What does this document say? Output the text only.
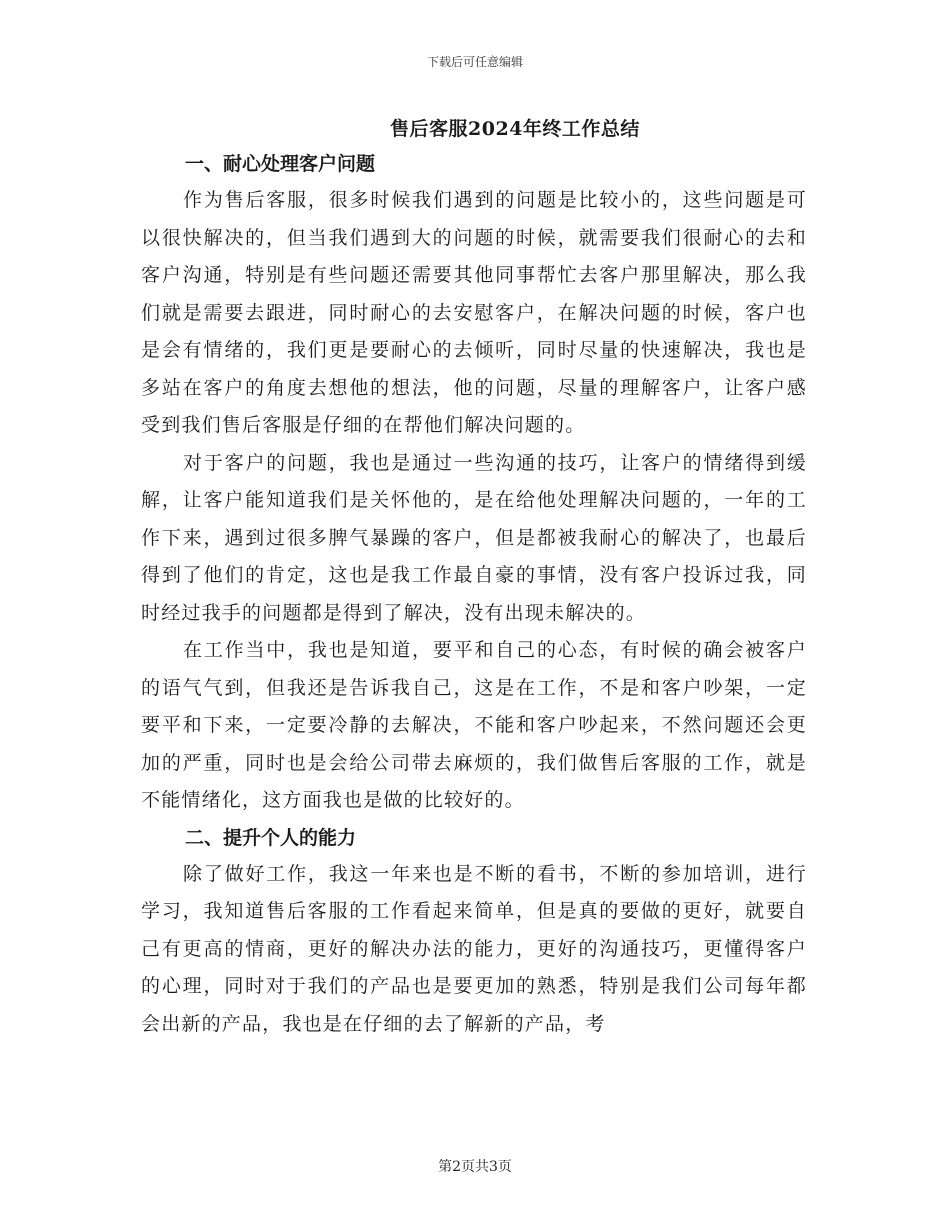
下载后可任意编辑
售后客服2024年终工作总结
一、耐心处理客户问题

作为售后客服，很多时候我们遇到的问题是比较小的，这些问题是可以很快解决的，但当我们遇到大的问题的时候，就需要我们很耐心的去和客户沟通，特别是有些问题还需要其他同事帮忙去客户那里解决，那么我们就是需要去跟进，同时耐心的去安慰客户，在解决问题的时候，客户也是会有情绪的，我们更是要耐心的去倾听，同时尽量的快速解决，我也是多站在客户的角度去想他的想法，他的问题，尽量的理解客户，让客户感受到我们售后客服是仔细的在帮他们解决问题的。

对于客户的问题，我也是通过一些沟通的技巧，让客户的情绪得到缓解，让客户能知道我们是关怀他的，是在给他处理解决问题的，一年的工作下来，遇到过很多脾气暴躁的客户，但是都被我耐心的解决了，也最后得到了他们的肯定，这也是我工作最自豪的事情，没有客户投诉过我，同时经过我手的问题都是得到了解决，没有出现未解决的。

在工作当中，我也是知道，要平和自己的心态，有时候的确会被客户的语气气到，但我还是告诉我自己，这是在工作，不是和客户吵架，一定要平和下来，一定要冷静的去解决，不能和客户吵起来，不然问题还会更加的严重，同时也是会给公司带去麻烦的，我们做售后客服的工作，就是不能情绪化，这方面我也是做的比较好的。

二、提升个人的能力

除了做好工作，我这一年来也是不断的看书，不断的参加培训，进行学习，我知道售后客服的工作看起来简单，但是真的要做的更好，就要自己有更高的情商，更好的解决办法的能力，更好的沟通技巧，更懂得客户的心理，同时对于我们的产品也是要更加的熟悉，特别是我们公司每年都会出新的产品，我也是在仔细的去了解新的产品，考

第2页共3页
